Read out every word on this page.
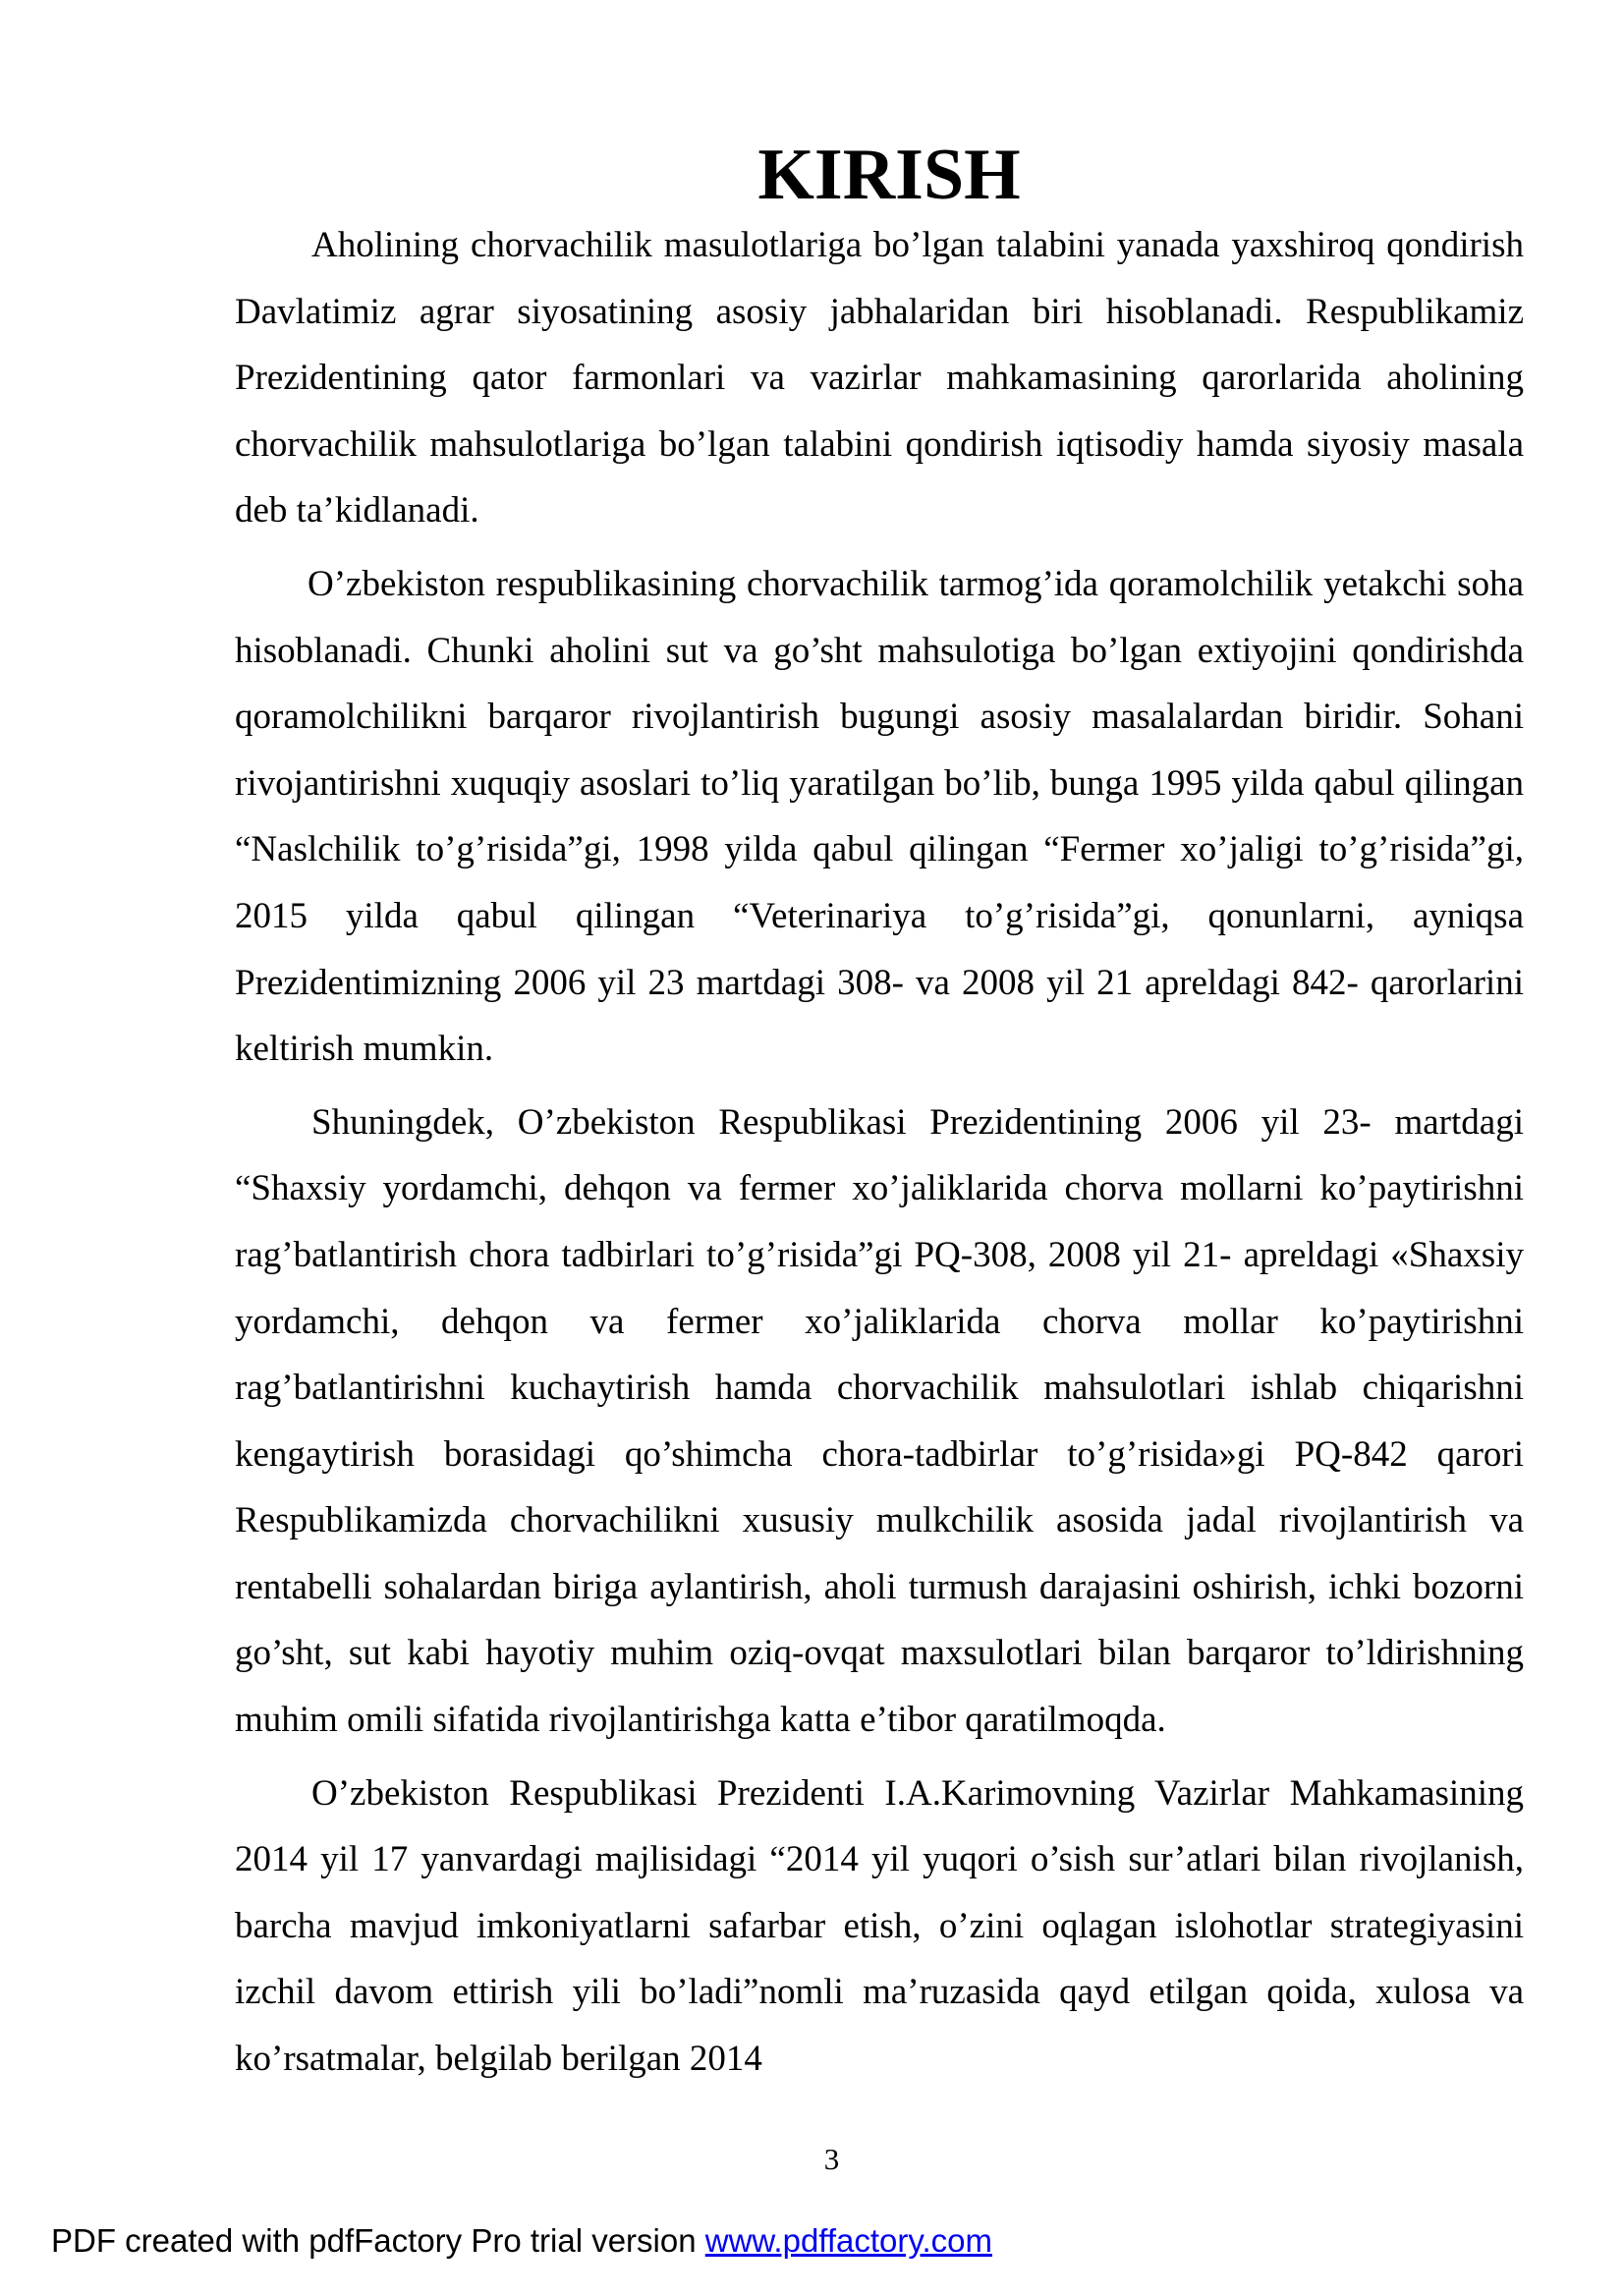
KIRISH

Aholining chorvachilik masulotlariga bo’lgan talabini yanada yaxshiroq qondirish Davlatimiz agrar siyosatining asosiy jabhalaridan biri hisoblanadi. Respublikamiz Prezidentining qator farmonlari va vazirlar mahkamasining qarorlarida aholining chorvachilik mahsulotlariga bo’lgan talabini qondirish iqtisodiy hamda siyosiy masala deb ta’kidlanadi.

O’zbekiston respublikasining chorvachilik tarmog’ida qoramolchilik yetakchi soha hisoblanadi. Chunki aholini sut va go’sht mahsulotiga bo’lgan extiyojini qondirishda qoramolchilikni barqaror rivojlantirish bugungi asosiy masalalardan biridir. Sohani rivojantirishni xuquqiy asoslari to’liq yaratilgan bo’lib, bunga 1995 yilda qabul qilingan “Naslchilik to’g’risida”gi, 1998 yilda qabul qilingan “Fermer xo’jaligi to’g’risida”gi, 2015 yilda qabul qilingan “Veterinariya to’g’risida”gi, qonunlarni, ayniqsa Prezidentimizning 2006 yil 23 martdagi 308- va 2008 yil 21 apreldagi 842- qarorlarini keltirish mumkin.

Shuningdek, O’zbekiston Respublikasi Prezidentining 2006 yil 23- martdagi “Shaxsiy yordamchi, dehqon va fermer xo’jaliklarida chorva mollarni ko’paytirishni rag’batlantirish chora tadbirlari to’g’risida”gi PQ-308, 2008 yil 21- apreldagi «Shaxsiy yordamchi, dehqon va fermer xo’jaliklarida chorva mollar ko’paytirishni rag’batlantirishni kuchaytirish hamda chorvachilik mahsulotlari ishlab chiqarishni kengaytirish borasidagi qo’shimcha chora-tadbirlar to’g’risida»gi PQ-842 qarori Respublikamizda chorvachilikni xususiy mulkchilik asosida jadal rivojlantirish va rentabelli sohalardan biriga aylantirish, aholi turmush darajasini oshirish, ichki bozorni go’sht, sut kabi hayotiy muhim oziq-ovqat maxsulotlari bilan barqaror to’ldirishning muhim omili sifatida rivojlantirishga katta e’tibor qaratilmoqda.

O’zbekiston Respublikasi Prezidenti I.A.Karimovning Vazirlar Mahkamasining 2014 yil 17 yanvardagi majlisidagi “2014 yil yuqori o’sish sur’atlari bilan rivojlanish, barcha mavjud imkoniyatlarni safarbar etish, o’zini oqlagan islohotlar strategiyasini izchil davom ettirish yili bo’ladi”nomli ma’ruzasida qayd etilgan qoida, xulosa va ko’rsatmalar, belgilab berilgan 2014

3
PDF created with pdfFactory Pro trial version www.pdffactory.com
